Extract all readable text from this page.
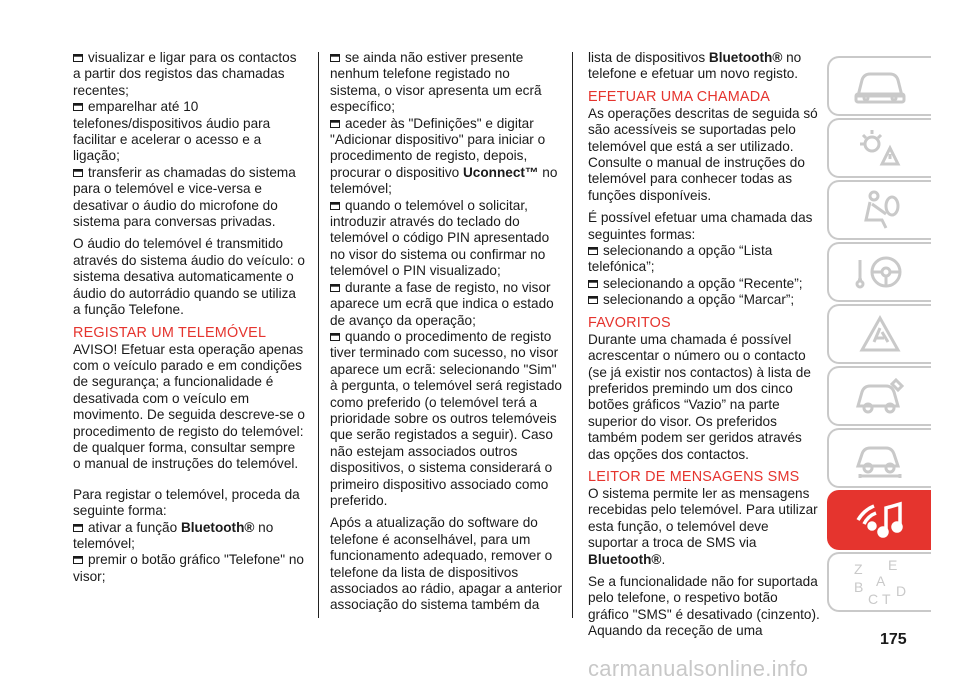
visualizar e ligar para os contactos

a partir dos registos das chamadas recentes;

emparelhar até 10

telefones/dispositivos áudio para facilitar e acelerar o acesso e a ligação;

transferir as chamadas do sistema

para o telemóvel e vice-versa e desativar o áudio do microfone do sistema para conversas privadas.

O áudio do telemóvel é transmitido através do sistema áudio do veículo: o sistema desativa automaticamente o áudio do autorrádio quando se utiliza a função Telefone.

REGISTAR UM TELEMÓVEL

AVISO! Efetuar esta operação apenas com o veículo parado e em condições de segurança; a funcionalidade é desativada com o veículo em movimento. De seguida descreve-se o procedimento de registo do telemóvel: de qualquer forma, consultar sempre o manual de instruções do telemóvel.

Para registar o telemóvel, proceda da seguinte forma:

ativar a função Bluetooth® no

telemóvel;

premir o botão gráfico "Telefone" no

visor;

se ainda não estiver presente

nenhum telefone registado no sistema, o visor apresenta um ecrã específico;

aceder às "Definições" e digitar

"Adicionar dispositivo" para iniciar o procedimento de registo, depois, procurar o dispositivo Uconnect™ no telemóvel;

quando o telemóvel o solicitar,

introduzir através do teclado do telemóvel o código PIN apresentado no visor do sistema ou confirmar no telemóvel o PIN visualizado;

durante a fase de registo, no visor

aparece um ecrã que indica o estado de avanço da operação;

quando o procedimento de registo

tiver terminado com sucesso, no visor aparece um ecrã: selecionando "Sim" à pergunta, o telemóvel será registado como preferido (o telemóvel terá a prioridade sobre os outros telemóveis que serão registados a seguir). Caso não estejam associados outros dispositivos, o sistema considerará o primeiro dispositivo associado como preferido.

Após a atualização do software do telefone é aconselhável, para um funcionamento adequado, remover o telefone da lista de dispositivos associados ao rádio, apagar a anterior associação do sistema também da

lista de dispositivos Bluetooth® no telefone e efetuar um novo registo.

EFETUAR UMA CHAMADA

As operações descritas de seguida só são acessíveis se suportadas pelo telemóvel que está a ser utilizado. Consulte o manual de instruções do telemóvel para conhecer todas as funções disponíveis.

É possível efetuar uma chamada das seguintes formas:

selecionando a opção “Lista

telefónica”;

selecionando a opção “Recente”;

selecionando a opção “Marcar”;

FAVORITOS

Durante uma chamada é possível acrescentar o número ou o contacto (se já existir nos contactos) à lista de preferidos premindo um dos cinco botões gráficos “Vazio” na parte superior do visor. Os preferidos também podem ser geridos através das opções dos contactos.

LEITOR DE MENSAGENS SMS

O sistema permite ler as mensagens recebidas pelo telemóvel. Para utilizar esta função, o telemóvel deve suportar a troca de SMS via Bluetooth®.

Se a funcionalidade não for suportada pelo telefone, o respetivo botão gráfico "SMS" é desativado (cinzento). Aquando da receção de uma

Z E
A
B
C T D
175
carmanualsonline.info
